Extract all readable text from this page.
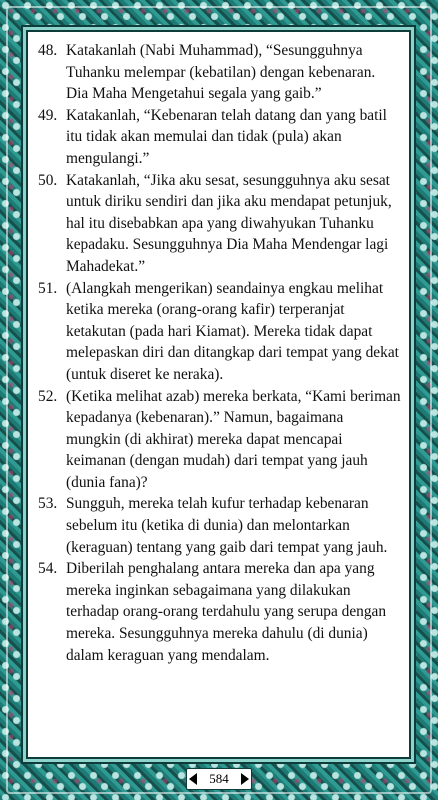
48. Katakanlah (Nabi Muhammad), “Sesungguhnya Tuhanku melempar (kebatilan) dengan kebenaran. Dia Maha Mengetahui segala yang gaib.”
49. Katakanlah, “Kebenaran telah datang dan yang batil itu tidak akan memulai dan tidak (pula) akan mengulangi.”
50. Katakanlah, “Jika aku sesat, sesungguhnya aku sesat untuk diriku sendiri dan jika aku mendapat petunjuk, hal itu disebabkan apa yang diwahyukan Tuhanku kepadaku. Sesungguhnya Dia Maha Mendengar lagi Mahadekat.”
51. (Alangkah mengerikan) seandainya engkau melihat ketika mereka (orang-orang kafir) terperanjat ketakutan (pada hari Kiamat). Mereka tidak dapat melepaskan diri dan ditangkap dari tempat yang dekat (untuk diseret ke neraka).
52. (Ketika melihat azab) mereka berkata, “Kami beriman kepadanya (kebenaran).” Namun, bagaimana mungkin (di akhirat) mereka dapat mencapai keimanan (dengan mudah) dari tempat yang jauh (dunia fana)?
53. Sungguh, mereka telah kufur terhadap kebenaran sebelum itu (ketika di dunia) dan melontarkan (keraguan) tentang yang gaib dari tempat yang jauh.
54. Diberilah penghalang antara mereka dan apa yang mereka inginkan sebagaimana yang dilakukan terhadap orang-orang terdahulu yang serupa dengan mereka. Sesungguhnya mereka dahulu (di dunia) dalam keraguan yang mendalam.
584
